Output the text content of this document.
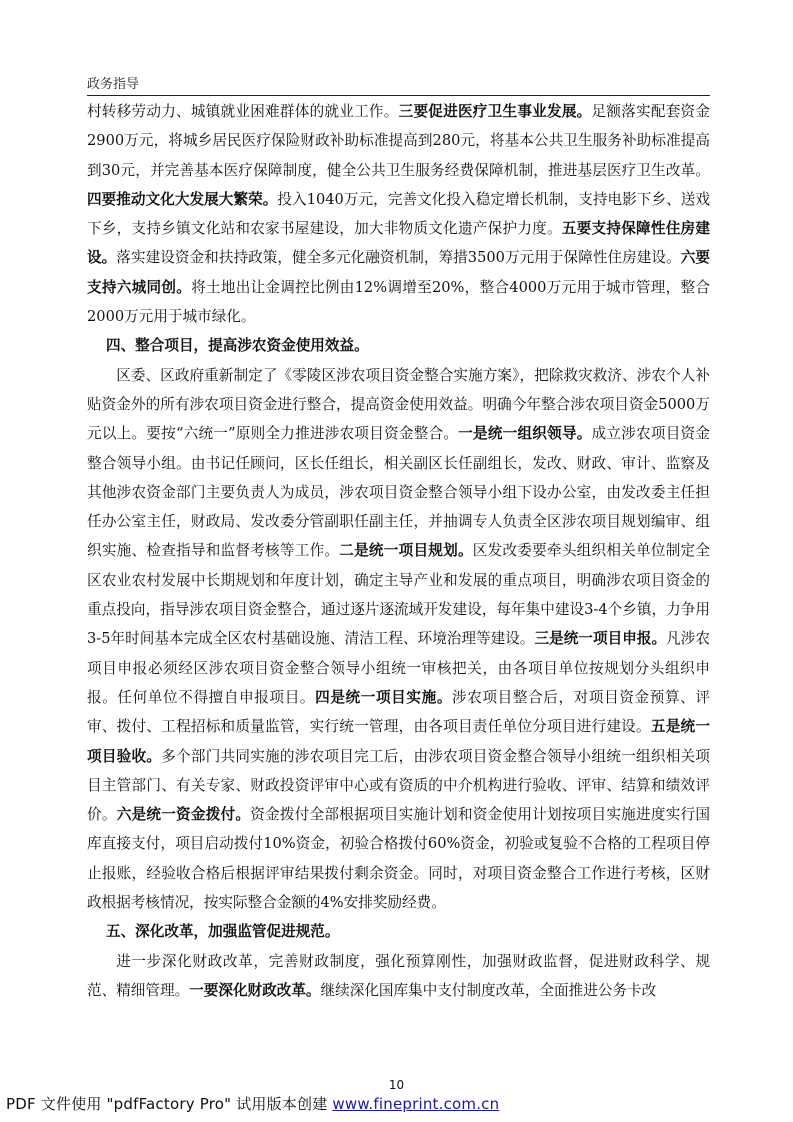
政务指导

村转移劳动力、城镇就业困难群体的就业工作。三要促进医疗卫生事业发展。足额落实配套资金2900万元，将城乡居民医疗保险财政补助标准提高到280元，将基本公共卫生服务补助标准提高到30元，并完善基本医疗保障制度，健全公共卫生服务经费保障机制，推进基层医疗卫生改革。四要推动文化大发展大繁荣。投入1040万元，完善文化投入稳定增长机制，支持电影下乡、送戏下乡，支持乡镇文化站和农家书屋建设，加大非物质文化遗产保护力度。五要支持保障性住房建设。落实建设资金和扶持政策，健全多元化融资机制，筹措3500万元用于保障性住房建设。六要支持六城同创。将土地出让金调控比例由12%调增至20%，整合4000万元用于城市管理，整合2000万元用于城市绿化。

四、整合项目，提高涉农资金使用效益。

区委、区政府重新制定了《零陵区涉农项目资金整合实施方案》，把除救灾救济、涉农个人补贴资金外的所有涉农项目资金进行整合，提高资金使用效益。明确今年整合涉农项目资金5000万元以上。要按“六统一”原则全力推进涉农项目资金整合。一是统一组织领导。成立涉农项目资金整合领导小组。由书记任顾问，区长任组长，相关副区长任副组长，发改、财政、审计、监察及其他涉农资金部门主要负责人为成员，涉农项目资金整合领导小组下设办公室，由发改委主任担任办公室主任，财政局、发改委分管副职任副主任，并抽调专人负责全区涉农项目规划编审、组织实施、检查指导和监督考核等工作。二是统一项目规划。区发改委要牵头组织相关单位制定全区农业农村发展中长期规划和年度计划，确定主导产业和发展的重点项目，明确涉农项目资金的重点投向，指导涉农项目资金整合，通过逐片逐流域开发建设，每年集中建设3-4个乡镇，力争用3-5年时间基本完成全区农村基础设施、清洁工程、环境治理等建设。三是统一项目申报。凡涉农项目申报必须经区涉农项目资金整合领导小组统一审核把关，由各项目单位按规划分头组织申报。任何单位不得擅自申报项目。四是统一项目实施。涉农项目整合后，对项目资金预算、评审、拨付、工程招标和质量监管，实行统一管理，由各项目责任单位分项目进行建设。五是统一项目验收。多个部门共同实施的涉农项目完工后，由涉农项目资金整合领导小组统一组织相关项目主管部门、有关专家、财政投资评审中心或有资质的中介机构进行验收、评审、结算和绩效评价。六是统一资金拨付。资金拨付全部根据项目实施计划和资金使用计划按项目实施进度实行国库直接支付，项目启动拨付10%资金，初验合格拨付60%资金，初验或复验不合格的工程项目停止报账，经验收合格后根据评审结果拨付剩余资金。同时，对项目资金整合工作进行考核，区财政根据考核情况，按实际整合金额的4%安排奖励经费。

五、深化改革，加强监管促进规范。

进一步深化财政改革，完善财政制度，强化预算刚性，加强财政监督，促进财政科学、规范、精细管理。一要深化财政改革。继续深化国库集中支付制度改革，全面推进公务卡改

10
PDF 文件使用 "pdfFactory Pro" 试用版本创建 www.fineprint.com.cn
